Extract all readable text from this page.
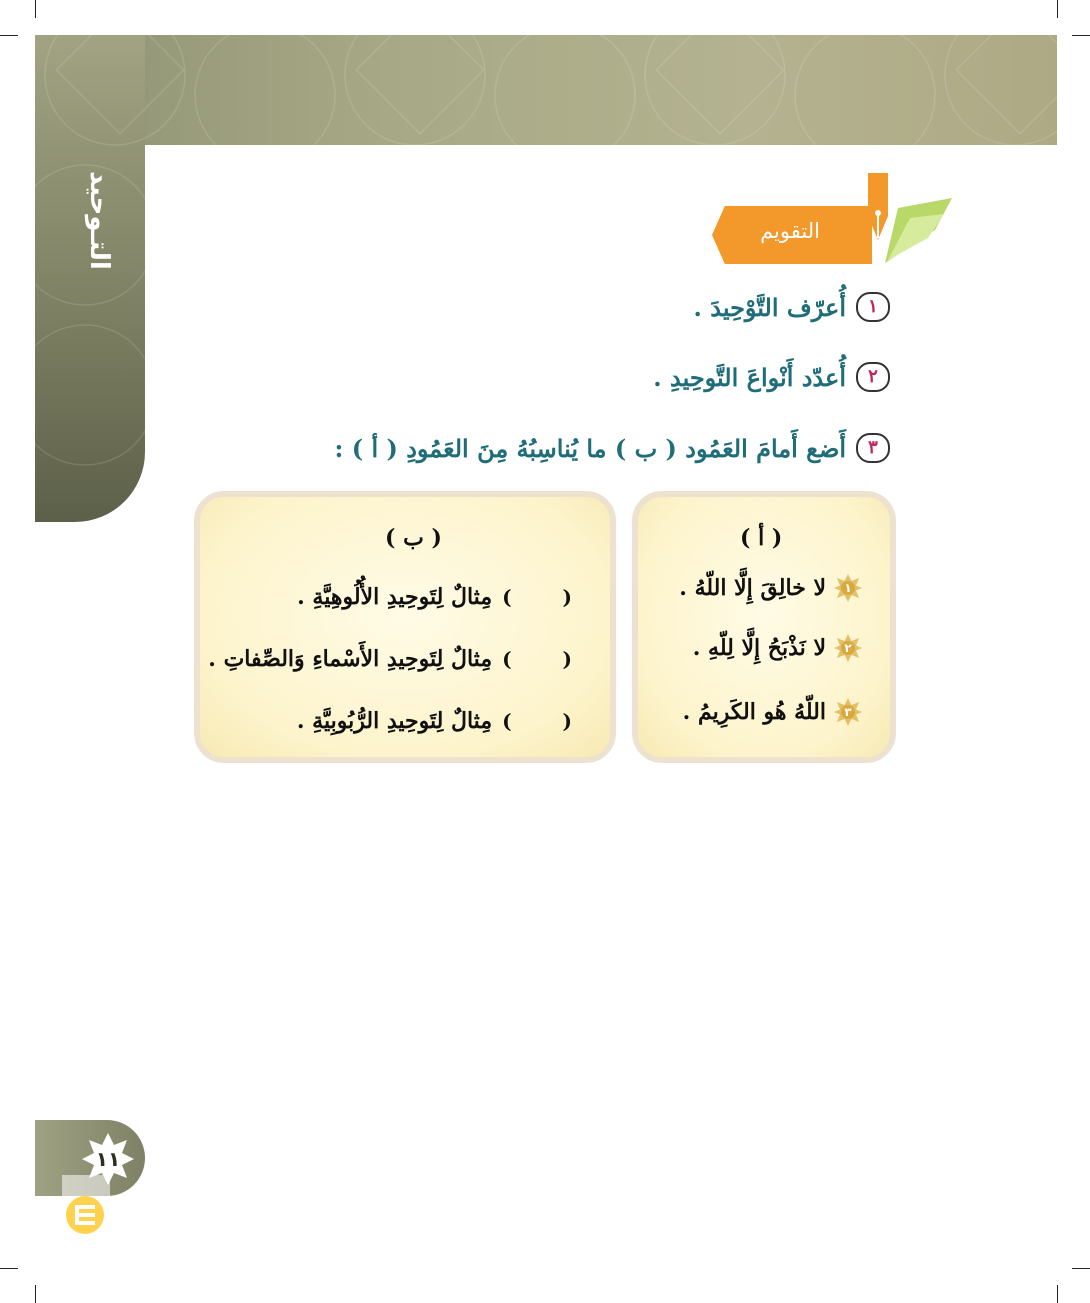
التـوحيد	التقويم
١
أُعرّف التَّوْحِيدَ .
٢
أُعدّد أَنْواعَ التَّوحِيدِ .
٣
أَضع أَمامَ العَمُود ( ب ) ما يُناسِبُهُ مِنَ العَمُودِ ( أ ) :
( أ )
( ب )
١
لا خالِقَ إِلَّا اللّهُ .
٢
لا نَذْبَحُ إِلَّا لِلّهِ .
٣
اللّهُ هُو الكَرِيمُ .
( )
مِثالٌ لِتَوحِيدِ الأُلُوهِيَّةِ .
( )
مِثالٌ لِتَوحِيدِ الأَسْماءِ وَالصِّفاتِ .
( )
مِثالٌ لِتَوحِيدِ الرُّبُوبِيَّةِ .
١١
